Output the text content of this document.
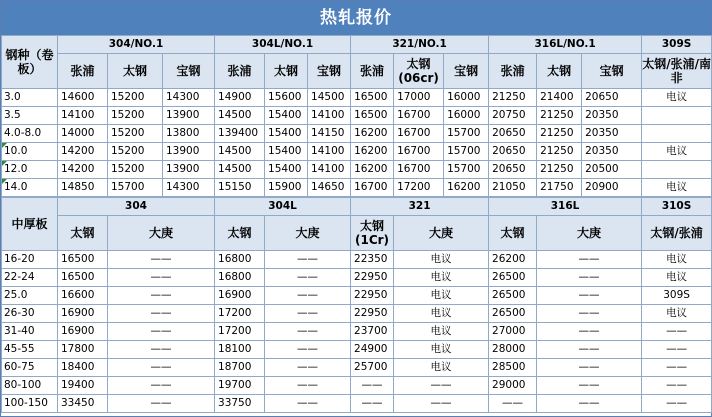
热轧报价
钢种（卷板）	304/NO.1			304L/NO.1			321/NO.1			316L/NO.1			309S
	张浦	太钢	宝钢	张浦	太钢	宝钢	张浦	太钢(06cr)	宝钢	张浦	太钢	宝钢	太钢/张浦/南非
3.0	14600	15200	14300	14900	15600	14500	16500	17000	16000	21250	21400	20650	电议
3.5	14100	15200	13900	14500	15400	14100	16500	16700	16000	20750	21250	20350	
4.0-8.0	14000	15200	13800	139400	15400	14150	16200	16700	15700	20650	21250	20350	
10.0	14200	15200	13900	14500	15400	14100	16200	16700	15700	20650	21250	20350	电议
12.0	14200	15200	13900	14500	15400	14100	16200	16700	15700	20650	21250	20500	
14.0	14850	15700	14300	15150	15900	14650	16700	17200	16200	21050	21750	20900	电议
中厚板	304		304L		321		316L		310S
	太钢	大庚	太钢	大庚	太钢(1Cr)	大庚	太钢	大庚	太钢/张浦
16-20	16500	——	16800	——	22350	电议	26200	——	电议
22-24	16500	——	16800	——	22950	电议	26500	——	电议
25.0	16600	——	16900	——	22950	电议	26500	——	309S
26-30	16900	——	17200	——	22950	电议	26500	——	电议
31-40	16900	——	17200	——	23700	电议	27000	——	——
45-55	17800	——	18100	——	24900	电议	28000	——	——
60-75	18400	——	18700	——	25700	电议	28500	——	——
80-100	19400	——	19700	——	——	——	29000	——	——
100-150	33450	——	33750	——	——	——	——	——	——
